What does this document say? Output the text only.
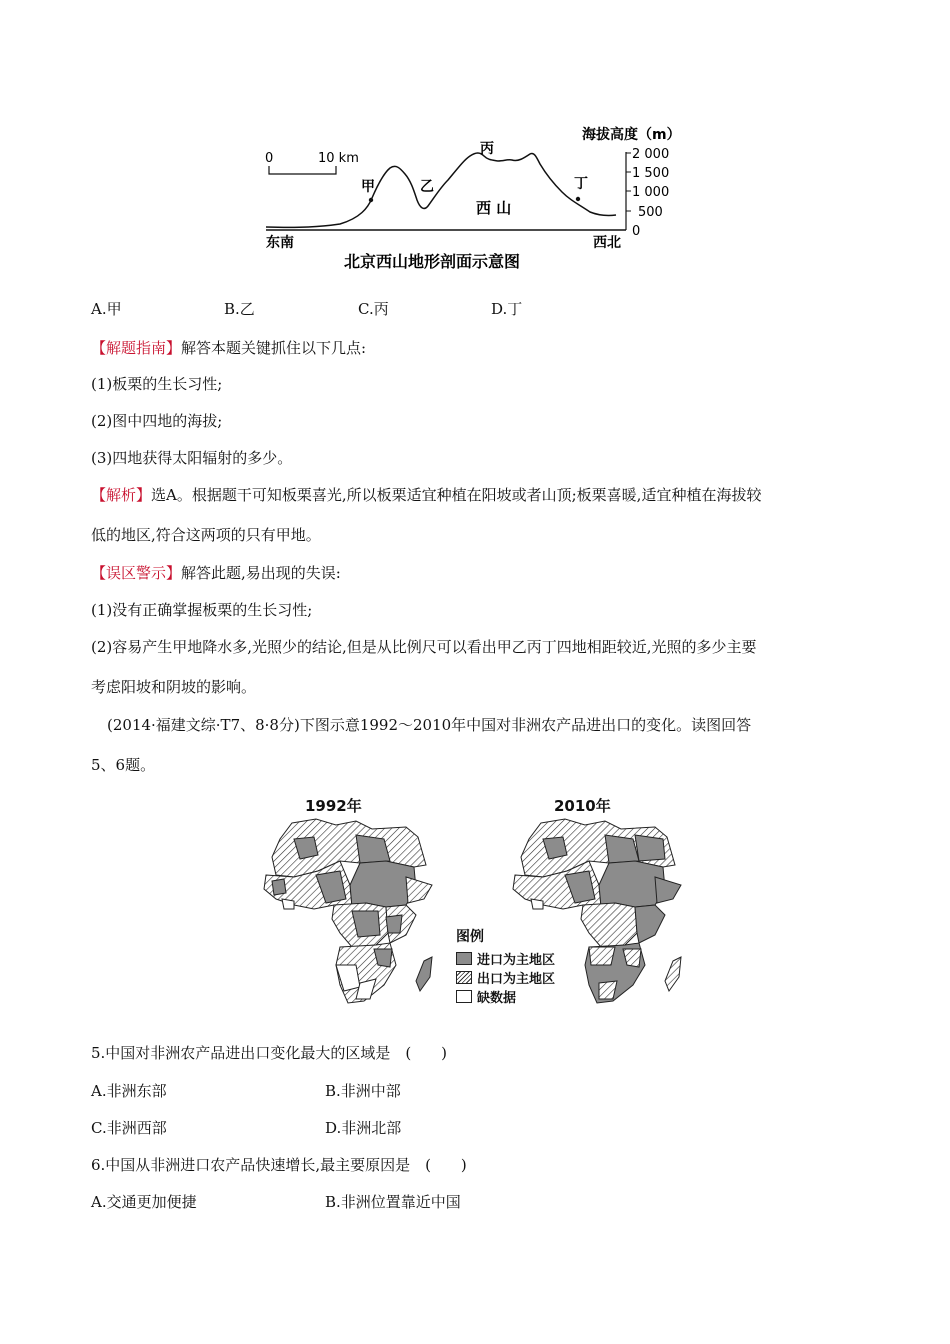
0	10 km
海拔高度（m）
2 000
1 500
1 000
500
0
甲	乙
丙
丁
西 山
东南	西北
北京西山地形剖面示意图
A.甲	B.乙	C.丙	D.丁
【解题指南】解答本题关键抓住以下几点:
(1)板栗的生长习性;
(2)图中四地的海拔;
(3)四地获得太阳辐射的多少。
【解析】选A。根据题干可知板栗喜光,所以板栗适宜种植在阳坡或者山顶;板栗喜暖,适宜种植在海拔较
低的地区,符合这两项的只有甲地。
【误区警示】解答此题,易出现的失误:
(1)没有正确掌握板栗的生长习性;
(2)容易产生甲地降水多,光照少的结论,但是从比例尺可以看出甲乙丙丁四地相距较近,光照的多少主要
考虑阳坡和阴坡的影响。
(2014·福建文综·T7、8·8分)下图示意1992～2010年中国对非洲农产品进出口的变化。读图回答
5、6题。
1992年	2010年
图例
进口为主地区
出口为主地区
缺数据
5.中国对非洲农产品进出口变化最大的区域是　(　　)
A.非洲东部	B.非洲中部
C.非洲西部	D.非洲北部
6.中国从非洲进口农产品快速增长,最主要原因是　(　　)
A.交通更加便捷	B.非洲位置靠近中国
